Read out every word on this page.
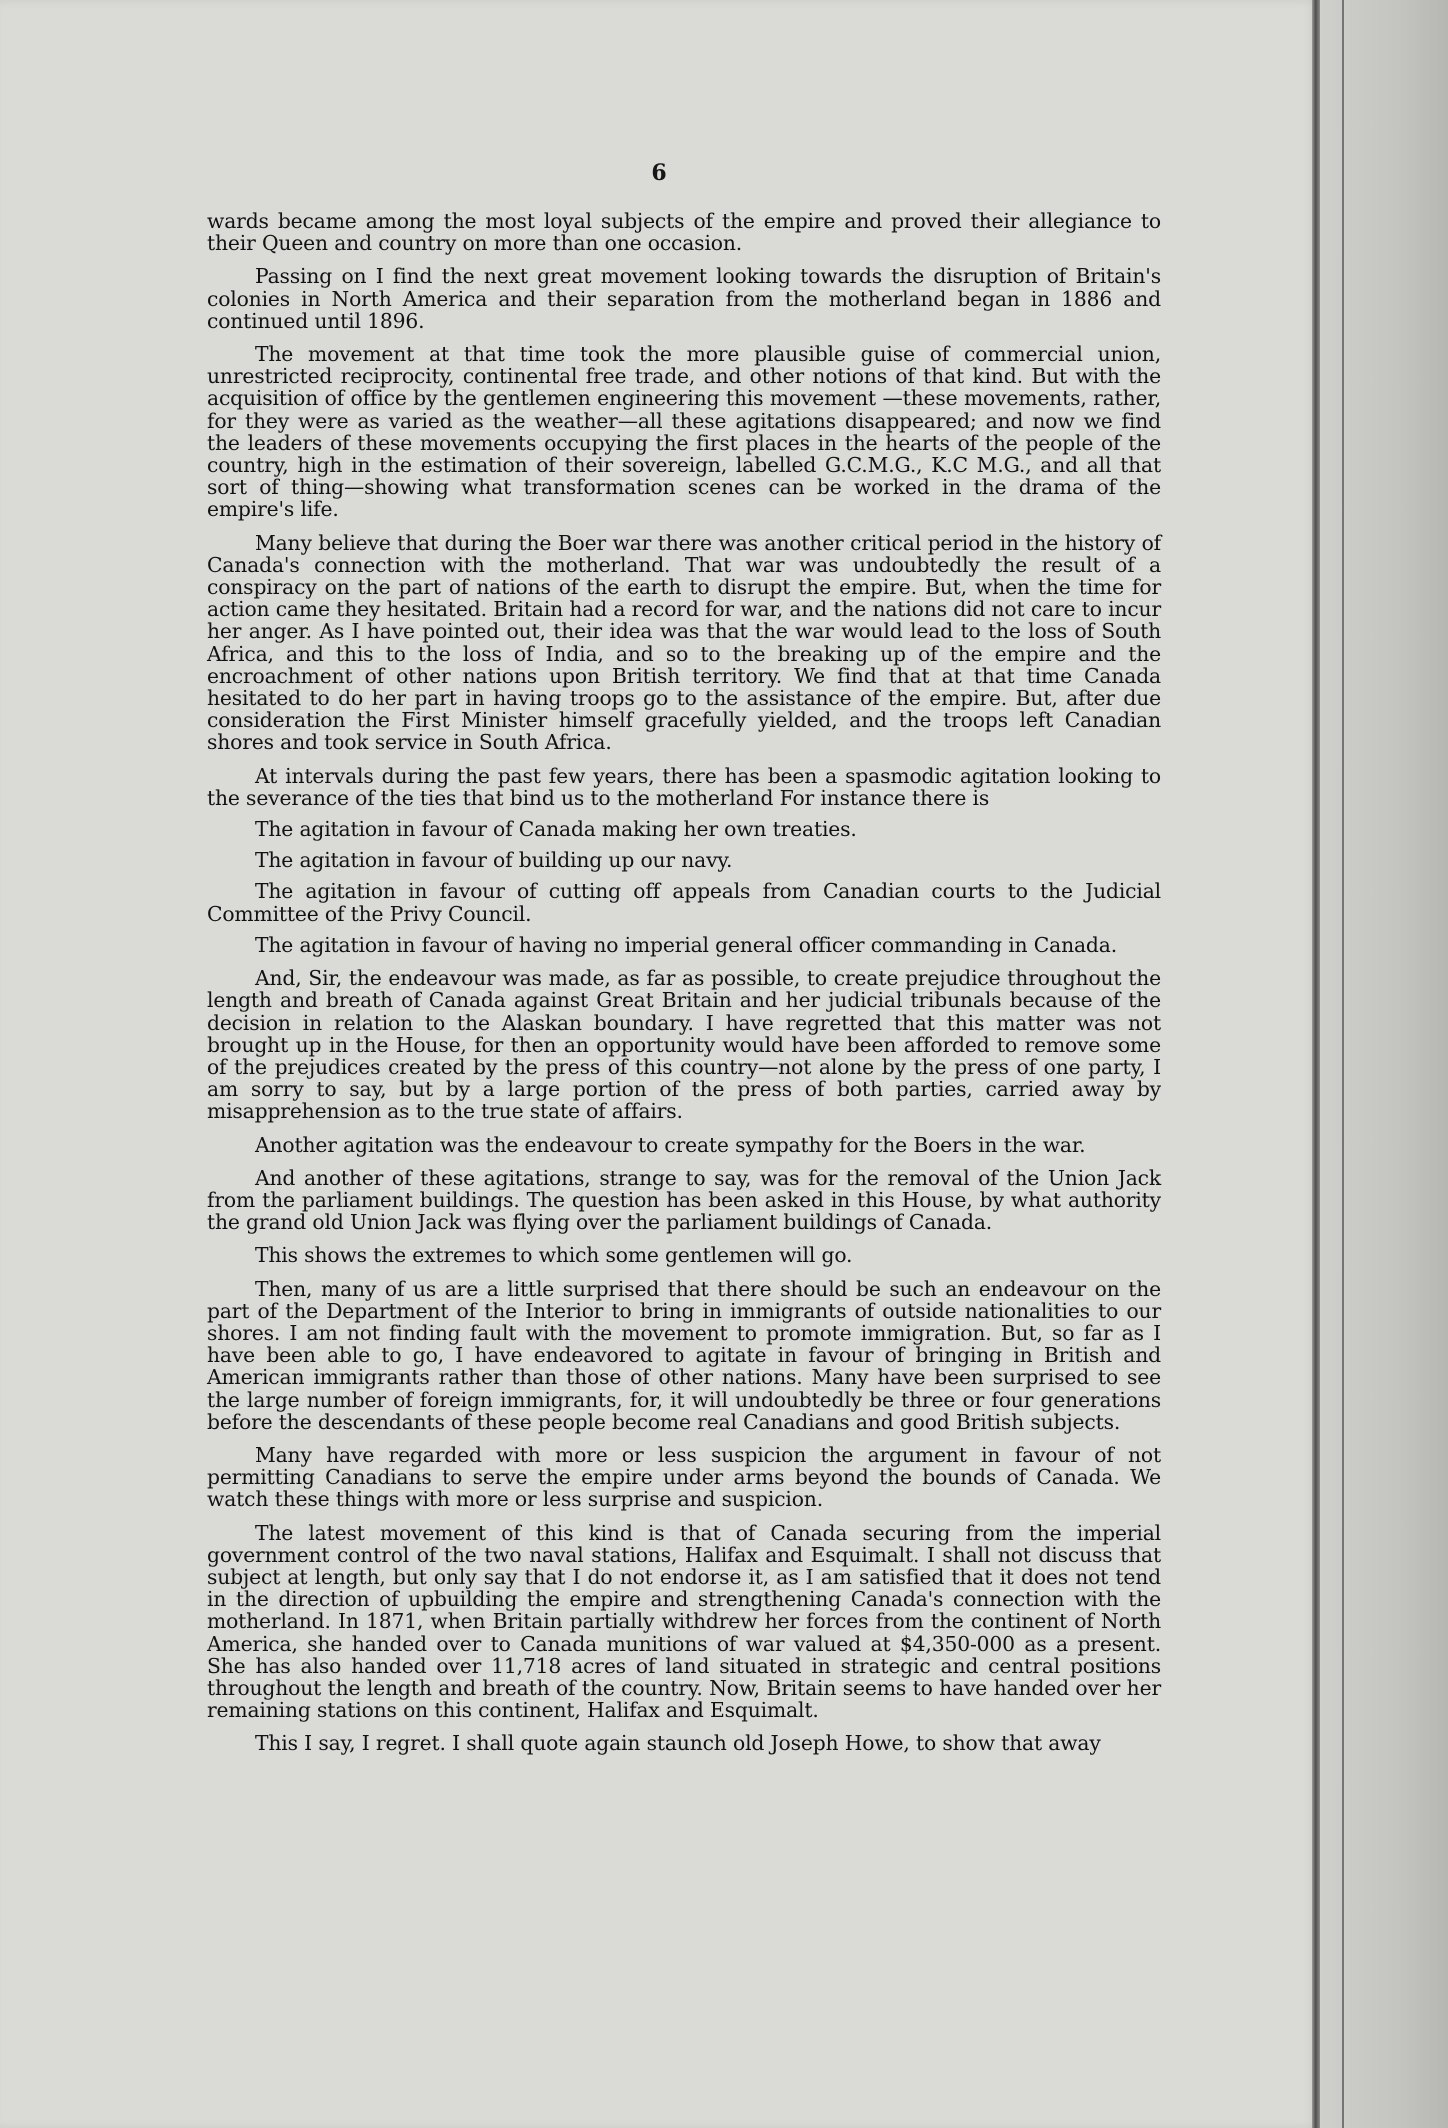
6

wards became among the most loyal subjects of the empire and proved their allegiance to their Queen and country on more than one occasion.

Passing on I find the next great movement looking towards the disruption of Britain's colonies in North America and their separation from the motherland began in 1886 and continued until 1896.

The movement at that time took the more plausible guise of commercial union, unrestricted reciprocity, continental free trade, and other notions of that kind. But with the acquisition of office by the gentlemen engineering this movement —these movements, rather, for they were as varied as the weather—all these agitations disappeared; and now we find the leaders of these movements occupying the first places in the hearts of the people of the country, high in the estimation of their sovereign, labelled G.C.M.G., K.C M.G., and all that sort of thing—showing what transformation scenes can be worked in the drama of the empire's life.

Many believe that during the Boer war there was another critical period in the history of Canada's connection with the motherland. That war was undoubtedly the result of a conspiracy on the part of nations of the earth to disrupt the empire. But, when the time for action came they hesitated. Britain had a record for war, and the nations did not care to incur her anger. As I have pointed out, their idea was that the war would lead to the loss of South Africa, and this to the loss of India, and so to the breaking up of the empire and the encroachment of other nations upon British territory. We find that at that time Canada hesitated to do her part in having troops go to the assistance of the empire. But, after due consideration the First Minister himself gracefully yielded, and the troops left Canadian shores and took service in South Africa.

At intervals during the past few years, there has been a spasmodic agitation looking to the severance of the ties that bind us to the motherland For instance there is

The agitation in favour of Canada making her own treaties.

The agitation in favour of building up our navy.

The agitation in favour of cutting off appeals from Canadian courts to the Judicial Committee of the Privy Council.

The agitation in favour of having no imperial general officer commanding in Canada.

And, Sir, the endeavour was made, as far as possible, to create prejudice throughout the length and breath of Canada against Great Britain and her judicial tribunals because of the decision in relation to the Alaskan boundary. I have regretted that this matter was not brought up in the House, for then an opportunity would have been afforded to remove some of the prejudices created by the press of this country—not alone by the press of one party, I am sorry to say, but by a large portion of the press of both parties, carried away by misapprehension as to the true state of affairs.

Another agitation was the endeavour to create sympathy for the Boers in the war.

And another of these agitations, strange to say, was for the removal of the Union Jack from the parliament buildings. The question has been asked in this House, by what authority the grand old Union Jack was flying over the parliament buildings of Canada.

This shows the extremes to which some gentlemen will go.

Then, many of us are a little surprised that there should be such an endeavour on the part of the Department of the Interior to bring in immigrants of outside nationalities to our shores. I am not finding fault with the movement to promote immigration. But, so far as I have been able to go, I have endeavored to agitate in favour of bringing in British and American immigrants rather than those of other nations. Many have been surprised to see the large number of foreign immigrants, for, it will undoubtedly be three or four generations before the descendants of these people become real Canadians and good British subjects.

Many have regarded with more or less suspicion the argument in favour of not permitting Canadians to serve the empire under arms beyond the bounds of Canada. We watch these things with more or less surprise and suspicion.

The latest movement of this kind is that of Canada securing from the imperial government control of the two naval stations, Halifax and Esquimalt. I shall not discuss that subject at length, but only say that I do not endorse it, as I am satisfied that it does not tend in the direction of upbuilding the empire and strengthening Canada's connection with the motherland. In 1871, when Britain partially withdrew her forces from the continent of North America, she handed over to Canada munitions of war valued at $4,350-000 as a present. She has also handed over 11,718 acres of land situated in strategic and central positions throughout the length and breath of the country. Now, Britain seems to have handed over her remaining stations on this continent, Halifax and Esquimalt.

This I say, I regret. I shall quote again staunch old Joseph Howe, to show that away
